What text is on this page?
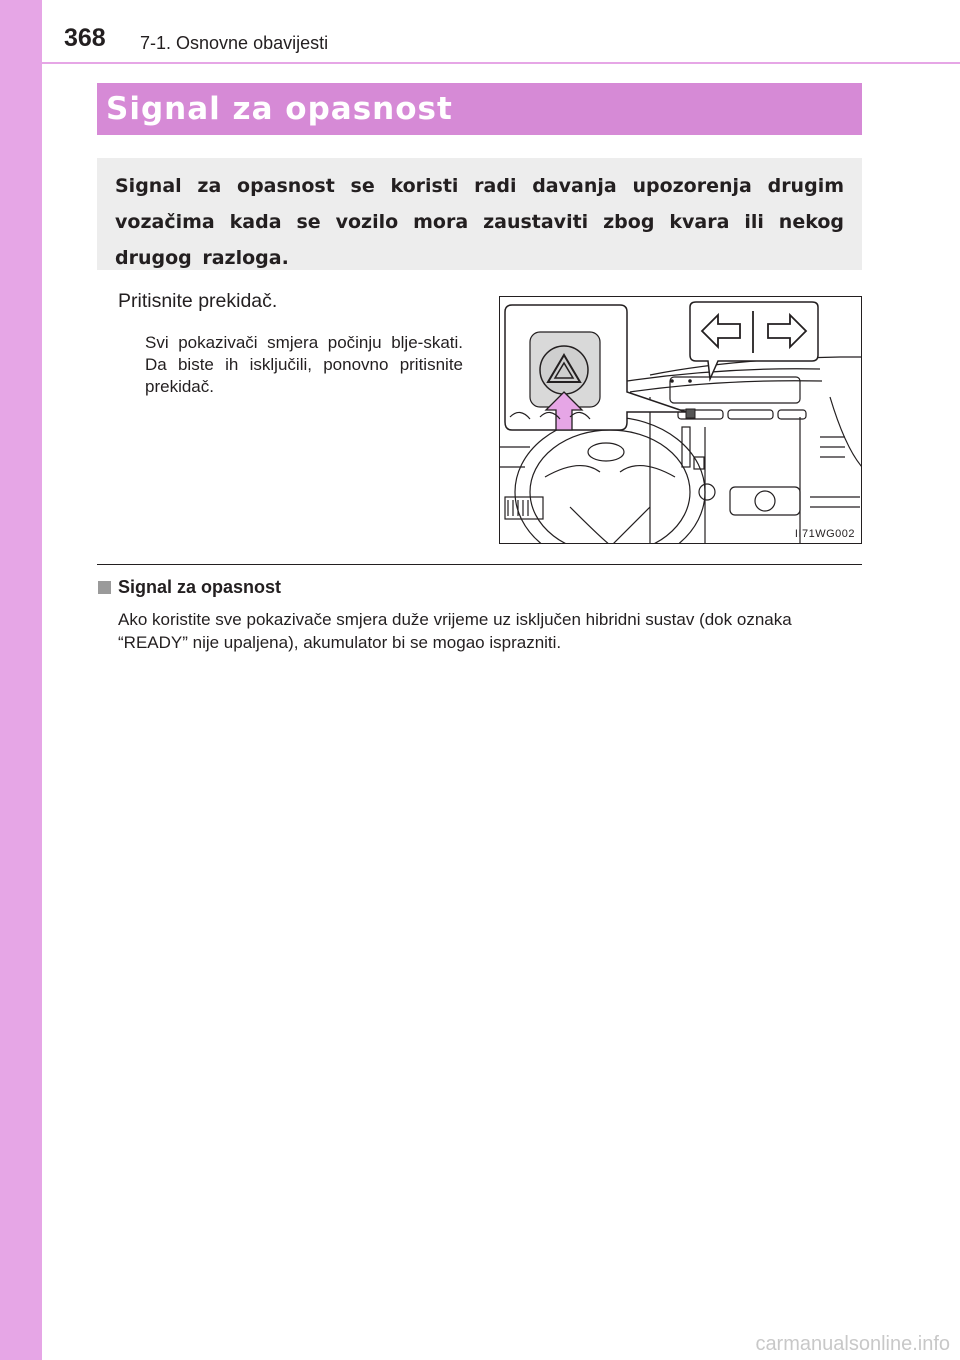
368 7-1. Osnovne obavijesti
Signal za opasnost

Signal za opasnost se koristi radi davanja upozorenja drugim vozačima kada se vozilo mora zaustaviti zbog kvara ili nekog drugog razloga.

Pritisnite prekidač.

Svi pokazivači smjera počinju blje-skati. Da biste ih isključili, ponovno pritisnite prekidač.

II71WG002
Signal za opasnost

Ako koristite sve pokazivače smjera duže vrijeme uz isključen hibridni sustav (dok oznaka “READY” nije upaljena), akumulator bi se mogao isprazniti.

carmanualsonline.info
